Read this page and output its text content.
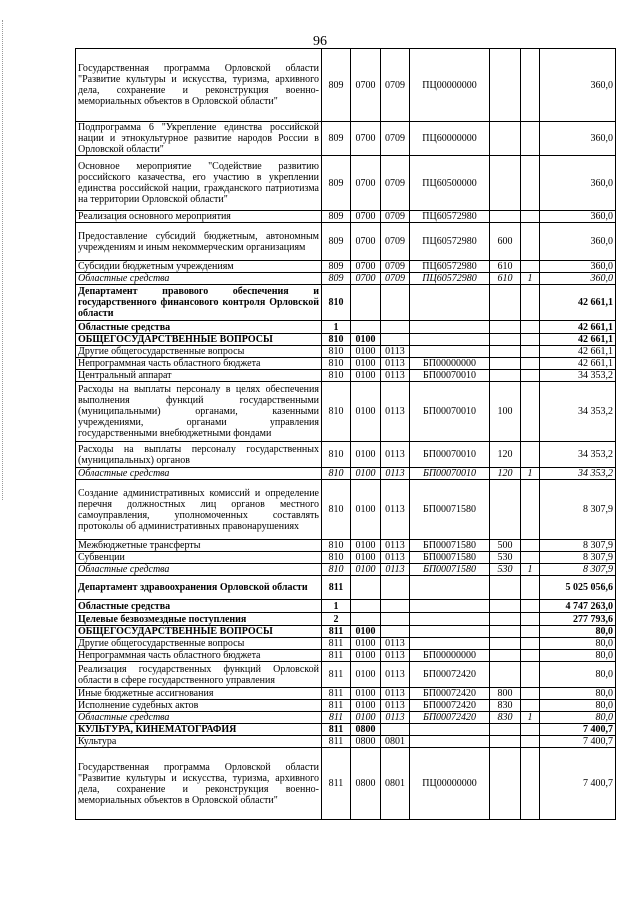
96
Государственная программа Орловской области "Развитие культуры и искусства, туризма, архивного дела, сохранение и реконструкция военно-мемориальных объектов в Орловской области"	809	0700	0709	ПЦ00000000			360,0
Подпрограмма 6 "Укрепление единства российской нации и этнокультурное развитие народов России в Орловской области"	809	0700	0709	ПЦ60000000			360,0
Основное мероприятие "Содействие развитию российского казачества, его участию в укреплении единства российской нации, гражданского патриотизма на территории Орловской области"	809	0700	0709	ПЦ60500000			360,0
Реализация основного мероприятия	809	0700	0709	ПЦ60572980			360,0
Предоставление субсидий бюджетным, автономным учреждениям и иным некоммерческим организациям	809	0700	0709	ПЦ60572980	600		360,0
Субсидии бюджетным учреждениям	809	0700	0709	ПЦ60572980	610		360,0
Областные средства	809	0700	0709	ПЦ60572980	610	1	360,0
Департамент правового обеспечения и государственного финансового контроля Орловской области	810						42 661,1
Областные средства	1						42 661,1
ОБЩЕГОСУДАРСТВЕННЫЕ ВОПРОСЫ	810	0100					42 661,1
Другие общегосударственные вопросы	810	0100	0113				42 661,1
Непрограммная часть областного бюджета	810	0100	0113	БП00000000			42 661,1
Центральный аппарат	810	0100	0113	БП00070010			34 353,2
Расходы на выплаты персоналу в целях обеспечения выполнения функций государственными (муниципальными) органами, казенными учреждениями, органами управления государственными внебюджетными фондами	810	0100	0113	БП00070010	100		34 353,2
Расходы на выплаты персоналу государственных (муниципальных) органов	810	0100	0113	БП00070010	120		34 353,2
Областные средства	810	0100	0113	БП00070010	120	1	34 353,2
Создание административных комиссий и определение перечня должностных лиц органов местного самоуправления, уполномоченных составлять протоколы об административных правонарушениях	810	0100	0113	БП00071580			8 307,9
Межбюджетные трансферты	810	0100	0113	БП00071580	500		8 307,9
Субвенции	810	0100	0113	БП00071580	530		8 307,9
Областные средства	810	0100	0113	БП00071580	530	1	8 307,9
Департамент здравоохранения Орловской области	811						5 025 056,6
Областные средства	1						4 747 263,0
Целевые безвозмездные поступления	2						277 793,6
ОБЩЕГОСУДАРСТВЕННЫЕ ВОПРОСЫ	811	0100					80,0
Другие общегосударственные вопросы	811	0100	0113				80,0
Непрограммная часть областного бюджета	811	0100	0113	БП00000000			80,0
Реализация государственных функций Орловской области в сфере государственного управления	811	0100	0113	БП00072420			80,0
Иные бюджетные ассигнования	811	0100	0113	БП00072420	800		80,0
Исполнение судебных актов	811	0100	0113	БП00072420	830		80,0
Областные средства	811	0100	0113	БП00072420	830	1	80,0
КУЛЬТУРА, КИНЕМАТОГРАФИЯ	811	0800					7 400,7
Культура	811	0800	0801				7 400,7
Государственная программа Орловской области "Развитие культуры и искусства, туризма, архивного дела, сохранение и реконструкция военно-мемориальных объектов в Орловской области"	811	0800	0801	ПЦ00000000			7 400,7
